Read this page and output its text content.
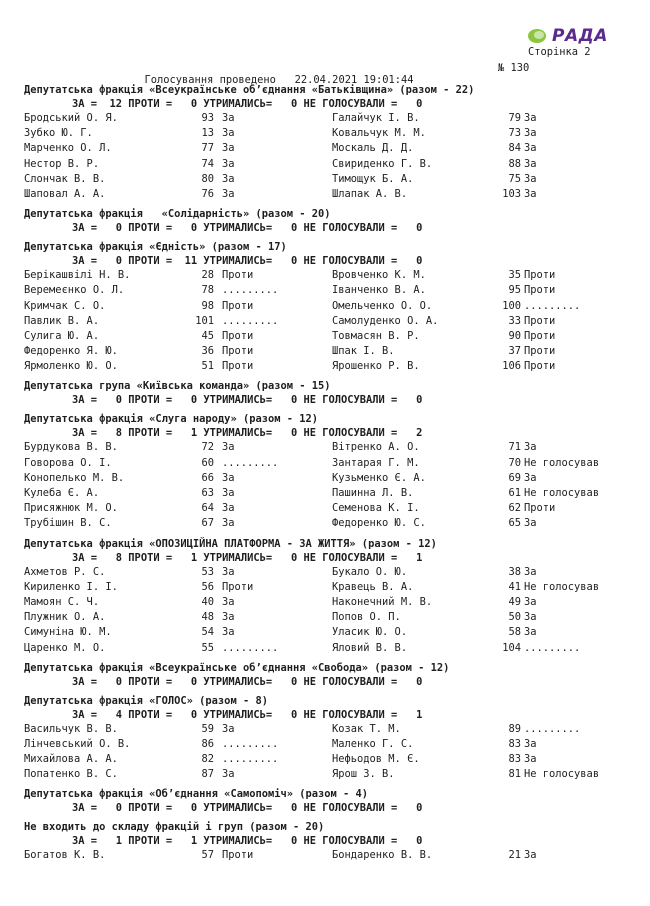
РАДА
Сторінка 2

Голосування проведено   22.04.2021 19:01:44

№ 130

Депутатська фракція «Всеукраїнське об’єднання «Батьківщина» (разом - 22)
ЗА =  12 ПРОТИ =   0 УТРИМАЛИСЬ=   0 НЕ ГОЛОСУВАЛИ =   0
Бродський О. Я.	93 За	Галайчук І. В.	79 За
Зубко Ю. Г.	13 За	Ковальчук М. М.	73 За
Марченко О. Л.	77 За	Москаль Д. Д.	84 За
Нестор В. Р.	74 За	Свириденко Г. В.	88 За
Слончак В. В.	80 За	Тимощук Б. А.	75 За
Шаповал А. А.	76 За	Шлапак А. В.	103 За
Депутатська фракція   «Солідарність» (разом - 20)
ЗА =   0 ПРОТИ =   0 УТРИМАЛИСЬ=   0 НЕ ГОЛОСУВАЛИ =   0
Депутатська фракція «Єдність» (разом - 17)
ЗА =   0 ПРОТИ =  11 УТРИМАЛИСЬ=   0 НЕ ГОЛОСУВАЛИ =   0
Берікашвілі Н. В.	28 Проти	Вровченко К. М.	35 Проти
Веремеєнко О. Л.	78 .........	Іванченко В. А.	95 Проти
Кримчак С. О.	98 Проти	Омельченко О. О.	100 .........
Павлик В. А.	101 .........	Самолуденко О. А.	33 Проти
Сулига Ю. А.	45 Проти	Товмасян В. Р.	90 Проти
Федоренко Я. Ю.	36 Проти	Шпак І. В.	37 Проти
Ярмоленко Ю. О.	51 Проти	Ярошенко Р. В.	106 Проти
Депутатська група «Київська команда» (разом - 15)
ЗА =   0 ПРОТИ =   0 УТРИМАЛИСЬ=   0 НЕ ГОЛОСУВАЛИ =   0
Депутатська фракція «Слуга народу» (разом - 12)
ЗА =   8 ПРОТИ =   1 УТРИМАЛИСЬ=   0 НЕ ГОЛОСУВАЛИ =   2
Бурдукова В. В.	72 За	Вітренко А. О.	71 За
Говорова О. І.	60 .........	Зантарая Г. М.	70 Не голосував
Конопелько М. В.	66 За	Кузьменко Є. А.	69 За
Кулеба Є. А.	63 За	Пашинна Л. В.	61 Не голосував
Присяжнюк М. О.	64 За	Семенова К. І.	62 Проти
Трубішин В. С.	67 За	Федоренко Ю. С.	65 За
Депутатська фракція «ОПОЗИЦІЙНА ПЛАТФОРМА - ЗА ЖИТТЯ» (разом - 12)
ЗА =   8 ПРОТИ =   1 УТРИМАЛИСЬ=   0 НЕ ГОЛОСУВАЛИ =   1
Ахметов Р. С.	53 За	Букало О. Ю.	38 За
Кириленко І. І.	56 Проти	Кравець В. А.	41 Не голосував
Мамоян С. Ч.	40 За	Наконечний М. В.	49 За
Плужник О. А.	48 За	Попов О. П.	50 За
Симуніна Ю. М.	54 За	Уласик Ю. О.	58 За
Царенко М. О.	55 .........	Яловий В. В.	104 .........
Депутатська фракція «Всеукраїнське об’єднання «Свобода» (разом - 12)
ЗА =   0 ПРОТИ =   0 УТРИМАЛИСЬ=   0 НЕ ГОЛОСУВАЛИ =   0
Депутатська фракція «ГОЛОС» (разом - 8)
ЗА =   4 ПРОТИ =   0 УТРИМАЛИСЬ=   0 НЕ ГОЛОСУВАЛИ =   1
Васильчук В. В.	59 За	Козак Т. М.	89 .........
Лінчевський О. В.	86 .........	Маленко Г. С.	83 За
Михайлова А. А.	82 .........	Нефьодов М. Є.	83 За
Попатенко В. С.	87 За	Ярош З. В.	81 Не голосував
Депутатська фракція «Об’єднання «Самопоміч» (разом - 4)
ЗА =   0 ПРОТИ =   0 УТРИМАЛИСЬ=   0 НЕ ГОЛОСУВАЛИ =   0
Не входить до складу фракцій і груп (разом - 20)
ЗА =   1 ПРОТИ =   1 УТРИМАЛИСЬ=   0 НЕ ГОЛОСУВАЛИ =   0
Богатов К. В.	57 Проти	Бондаренко В. В.	21 За
